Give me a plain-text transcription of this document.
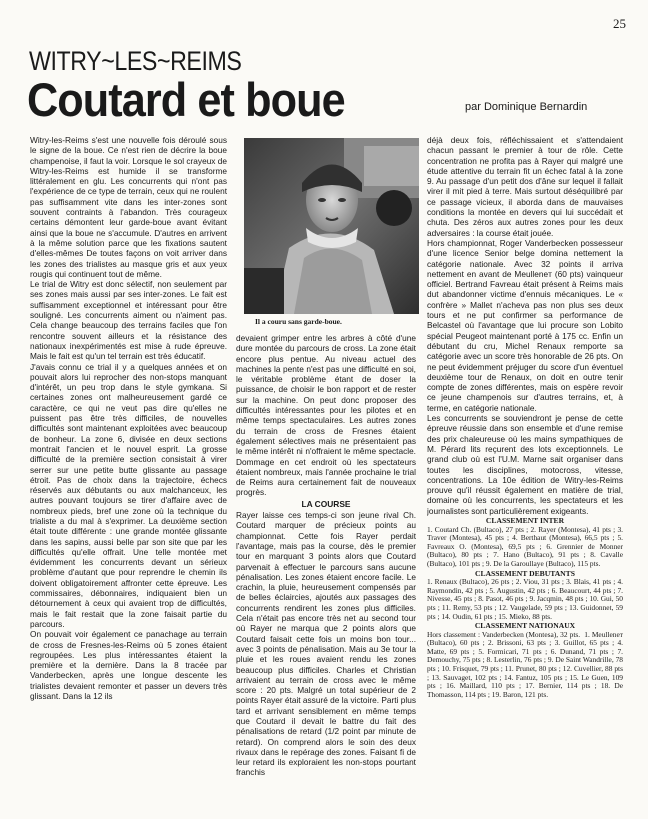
25
WITRY~LES~REIMS
Coutard et boue	par Dominique Bernardin

Witry-les-Reims s'est une nouvelle fois déroulé sous le signe de la boue. Ce n'est rien de décrire la boue champenoise, il faut la voir. Lorsque le sol crayeux de Witry-les-Reims est humide il se transforme littéralement en glu. Les concurrents qui n'ont pas l'expérience de ce type de terrain, ceux qui ne roulent pas suffisamment vite dans les inter-zones sont souvent contraints à l'abandon. Très courageux certains démontent leur garde-boue avant évitant ainsi que la boue ne s'accumule. D'autres en arrivent à la même solution parce que les fixations sautent d'elles-mêmes De toutes façons on voit arriver dans les zones des trialistes au masque gris et aux yeux rougis qui continuent tout de même.

Le trial de Witry est donc sélectif, non seulement par ses zones mais aussi par ses inter-zones. Le fait est suffisamment exceptionnel et intéressant pour être souligné. Les concurrents aiment ou n'aiment pas. Cela change beaucoup des terrains faciles que l'on rencontre souvent ailleurs et la résistance des nationaux inexpérimentés est mise à rude épreuve. Mais le fait est qu'un tel terrain est très éducatif.

J'avais connu ce trial il y a quelques années et on pouvait alors lui reprocher des non-stops manquant d'intérêt, un peu trop dans le style gymkana. Si certaines zones ont malheureusement gardé ce caractère, ce qui ne veut pas dire qu'elles ne puissent pas être très difficiles, de nouvelles difficultés sont maintenant exploitées avec beaucoup de bonheur. La zone 6, divisée en deux sections montrait l'ancien et le nouvel esprit. La grosse difficulté de la première section consistait à virer serrer sur une petite butte glissante au passage étroit. Pas de choix dans la trajectoire, échecs réservés aux débutants ou aux malchanceux, les autres pouvant toujours se tirer d'affaire avec de nombreux pieds, bref une zone où la technique du trialiste a du mal à s'exprimer. La deuxième section était toute différente : une grande montée glissante dans les sapins, aussi belle par son site que par les difficultés qu'elle offrait. Une telle montée met évidemment les concurrents devant un sérieux problème d'autant que pour reprendre le chemin ils doivent obligatoirement affronter cette épreuve. Les commissaires, débonnaires, indiquaient bien un détournement à ceux qui avaient trop de difficultés, mais le fait restait que la zone faisait partie du parcours.

On pouvait voir également ce panachage au terrain de cross de Fresnes-les-Reims où 5 zones étaient regroupées. Les plus intéressantes étaient la première et la dernière. Dans la 8 tracée par Vanderbecken, après une longue descente les trialistes devaient remonter et passer un devers très glissant. Dans la 12 ils

Il a couru sans garde-boue.

devaient grimper entre les arbres à côté d'une dure montée du parcours de cross. La zone était encore plus pentue. Au niveau actuel des machines la pente n'est pas une difficulté en soi, le véritable problème étant de doser la puissance, de choisir le bon rapport et de rester sur la machine. On peut donc proposer des difficultés intéressantes pour les pilotes et en même temps spectaculaires. Les autres zones du terrain de cross de Fresnes étaient également sélectives mais ne présentaient pas le même intérêt ni n'offraient le même spectacle. Dommage en cet endroit où les spectateurs étaient nombreux, mais l'année prochaine le trial de Reims aura certainement fait de nouveaux progrès.

LA COURSE

Rayer laisse ces temps-ci son jeune rival Ch. Coutard marquer de précieux points au championnat. Cette fois Rayer perdait l'avantage, mais pas la course, dès le premier tour en marquant 3 points alors que Coutard parvenait à effectuer le parcours sans aucune pénalisation. Les zones étaient encore facile. Le crachin, la pluie, heureusement compensés par de belles éclaircies, ajoutés aux passages des concurrents rendirent les zones plus difficiles. Cela n'était pas encore très net au second tour où Rayer ne marqua que 2 points alors que Coutard faisait cette fois un moins bon tour... avec 3 points de pénalisation. Mais au 3e tour la pluie et les roues avaient rendu les zones beaucoup plus difficiles. Charles et Christian arrivaient au terrain de cross avec le même score : 20 pts. Malgré un total supérieur de 2 points Rayer était assuré de la victoire. Parti plus tard et arrivant sensiblement en même temps que Coutard il devait le battre du fait des pénalisations de retard (1/2 point par minute de retard). On comprend alors le soin des deux rivaux dans le repérage des zones. Faisant fi de leur retard ils exploraient les non-stops pourtant franchis

déjà deux fois, réfléchissaient et s'attendaient chacun passant le premier à tour de rôle. Cette concentration ne profita pas à Rayer qui malgré une étude attentive du terrain fit un échec fatal à la zone 9. Au passage d'un petit dos d'âne sur lequel il fallait virer il mit pied à terre. Mais surtout déséquilibré par ce passage vicieux, il aborda dans de mauvaises conditions la montée en devers qui lui succédait et chuta. Des zéros aux autres zones pour les deux adversaires : la course était jouée.

Hors championnat, Roger Vanderbecken possesseur d'une licence Senior belge domina nettement la catégorie nationale. Avec 32 points il arriva nettement en avant de Meulleneт (60 pts) vainqueur officiel. Bertrand Favreau était présent à Reims mais dut abandonner victime d'ennuis mécaniques. Le « confrère » Mallet n'acheva pas non plus ses deux tours et ne put confirmer sa performance de Belcastel où l'avantage que lui procure son Lobito spécial Peugeot maintenant porté à 175 cc. Enfin un débutant du cru, Michel Renaux remporte sa catégorie avec un score très honorable de 26 pts. On ne peut évidemment préjuger du score d'un éventuel deuxième tour de Renaux, on doit en outre tenir compte de zones différentes, mais on espère revoir ce jeune champenois sur d'autres terrains, et, à terme, en catégorie nationale.

Les concurrents se souviendront je pense de cette épreuve réussie dans son ensemble et d'une remise des prix chaleureuse où les mains sympathiques de M. Pérard lits reçurent des lots exceptionnels. Le grand club où est l'U.M. Marne sait organiser dans toutes les disciplines, motocross, vitesse, concentrations. La 10e édition de Witry-les-Reims prouve qu'il réussit également en matière de trial, domaine où les concurrents, les spectateurs et les journalistes sont particulièrement exigeants.

CLASSEMENT INTER
1. Coutard Ch. (Bultaco), 27 pts ; 2. Rayer (Montesa), 41 pts ; 3. Traver (Montesa), 45 pts ; 4. Berthaut (Montesa), 66,5 pts ; 5. Favreaux O. (Montesa), 69,5 pts ; 6. Grennier de Monner (Bultaco), 80 pts ; 7. Hano (Bultaco), 91 pts ; 8. Cavalle (Bultaco), 101 pts ; 9. De la Garoullaye (Bultaco), 115 pts.
CLASSEMENT DEBUTANTS
1. Renaux (Bultaco), 26 pts ; 2. Viou, 31 pts ; 3. Blais, 41 pts ; 4. Raymondin, 42 pts ; 5. Augustin, 42 pts ; 6. Beaucourt, 44 pts ; 7. Nivesse, 45 pts ; 8. Pasot, 46 pts ; 9. Jacqmin, 48 pts ; 10. Gui, 50 pts ; 11. Remy, 53 pts ; 12. Vaugelade, 59 pts ; 13. Guidonnet, 59 pts ; 14. Oudin, 61 pts ; 15. Mieko, 88 pts.
CLASSEMENT NATIONAUX
Hors classement : Vanderbecken (Montesa), 32 pts.  1. Meulleneт (Bultaco), 60 pts ; 2. Brissoni, 63 pts ; 3. Guillot, 65 pts ; 4. Matte, 69 pts ; 5. Formicari, 71 pts ; 6. Dunand, 71 pts ; 7. Demouchy, 75 pts ; 8. Lesterlin, 76 pts ; 9. De Saint Wandrille, 78 pts ; 10. Frisquet, 79 pts ; 11. Prunet, 80 pts ; 12. Cuvellier, 88 pts ; 13. Sauvaget, 102 pts ; 14. Fantuz, 105 pts ; 15. Le Guen, 109 pts ; 16. Maillard, 110 pts ; 17. Bernier, 114 pts ; 18. De Thomasson, 114 pts ; 19. Baron, 121 pts.
